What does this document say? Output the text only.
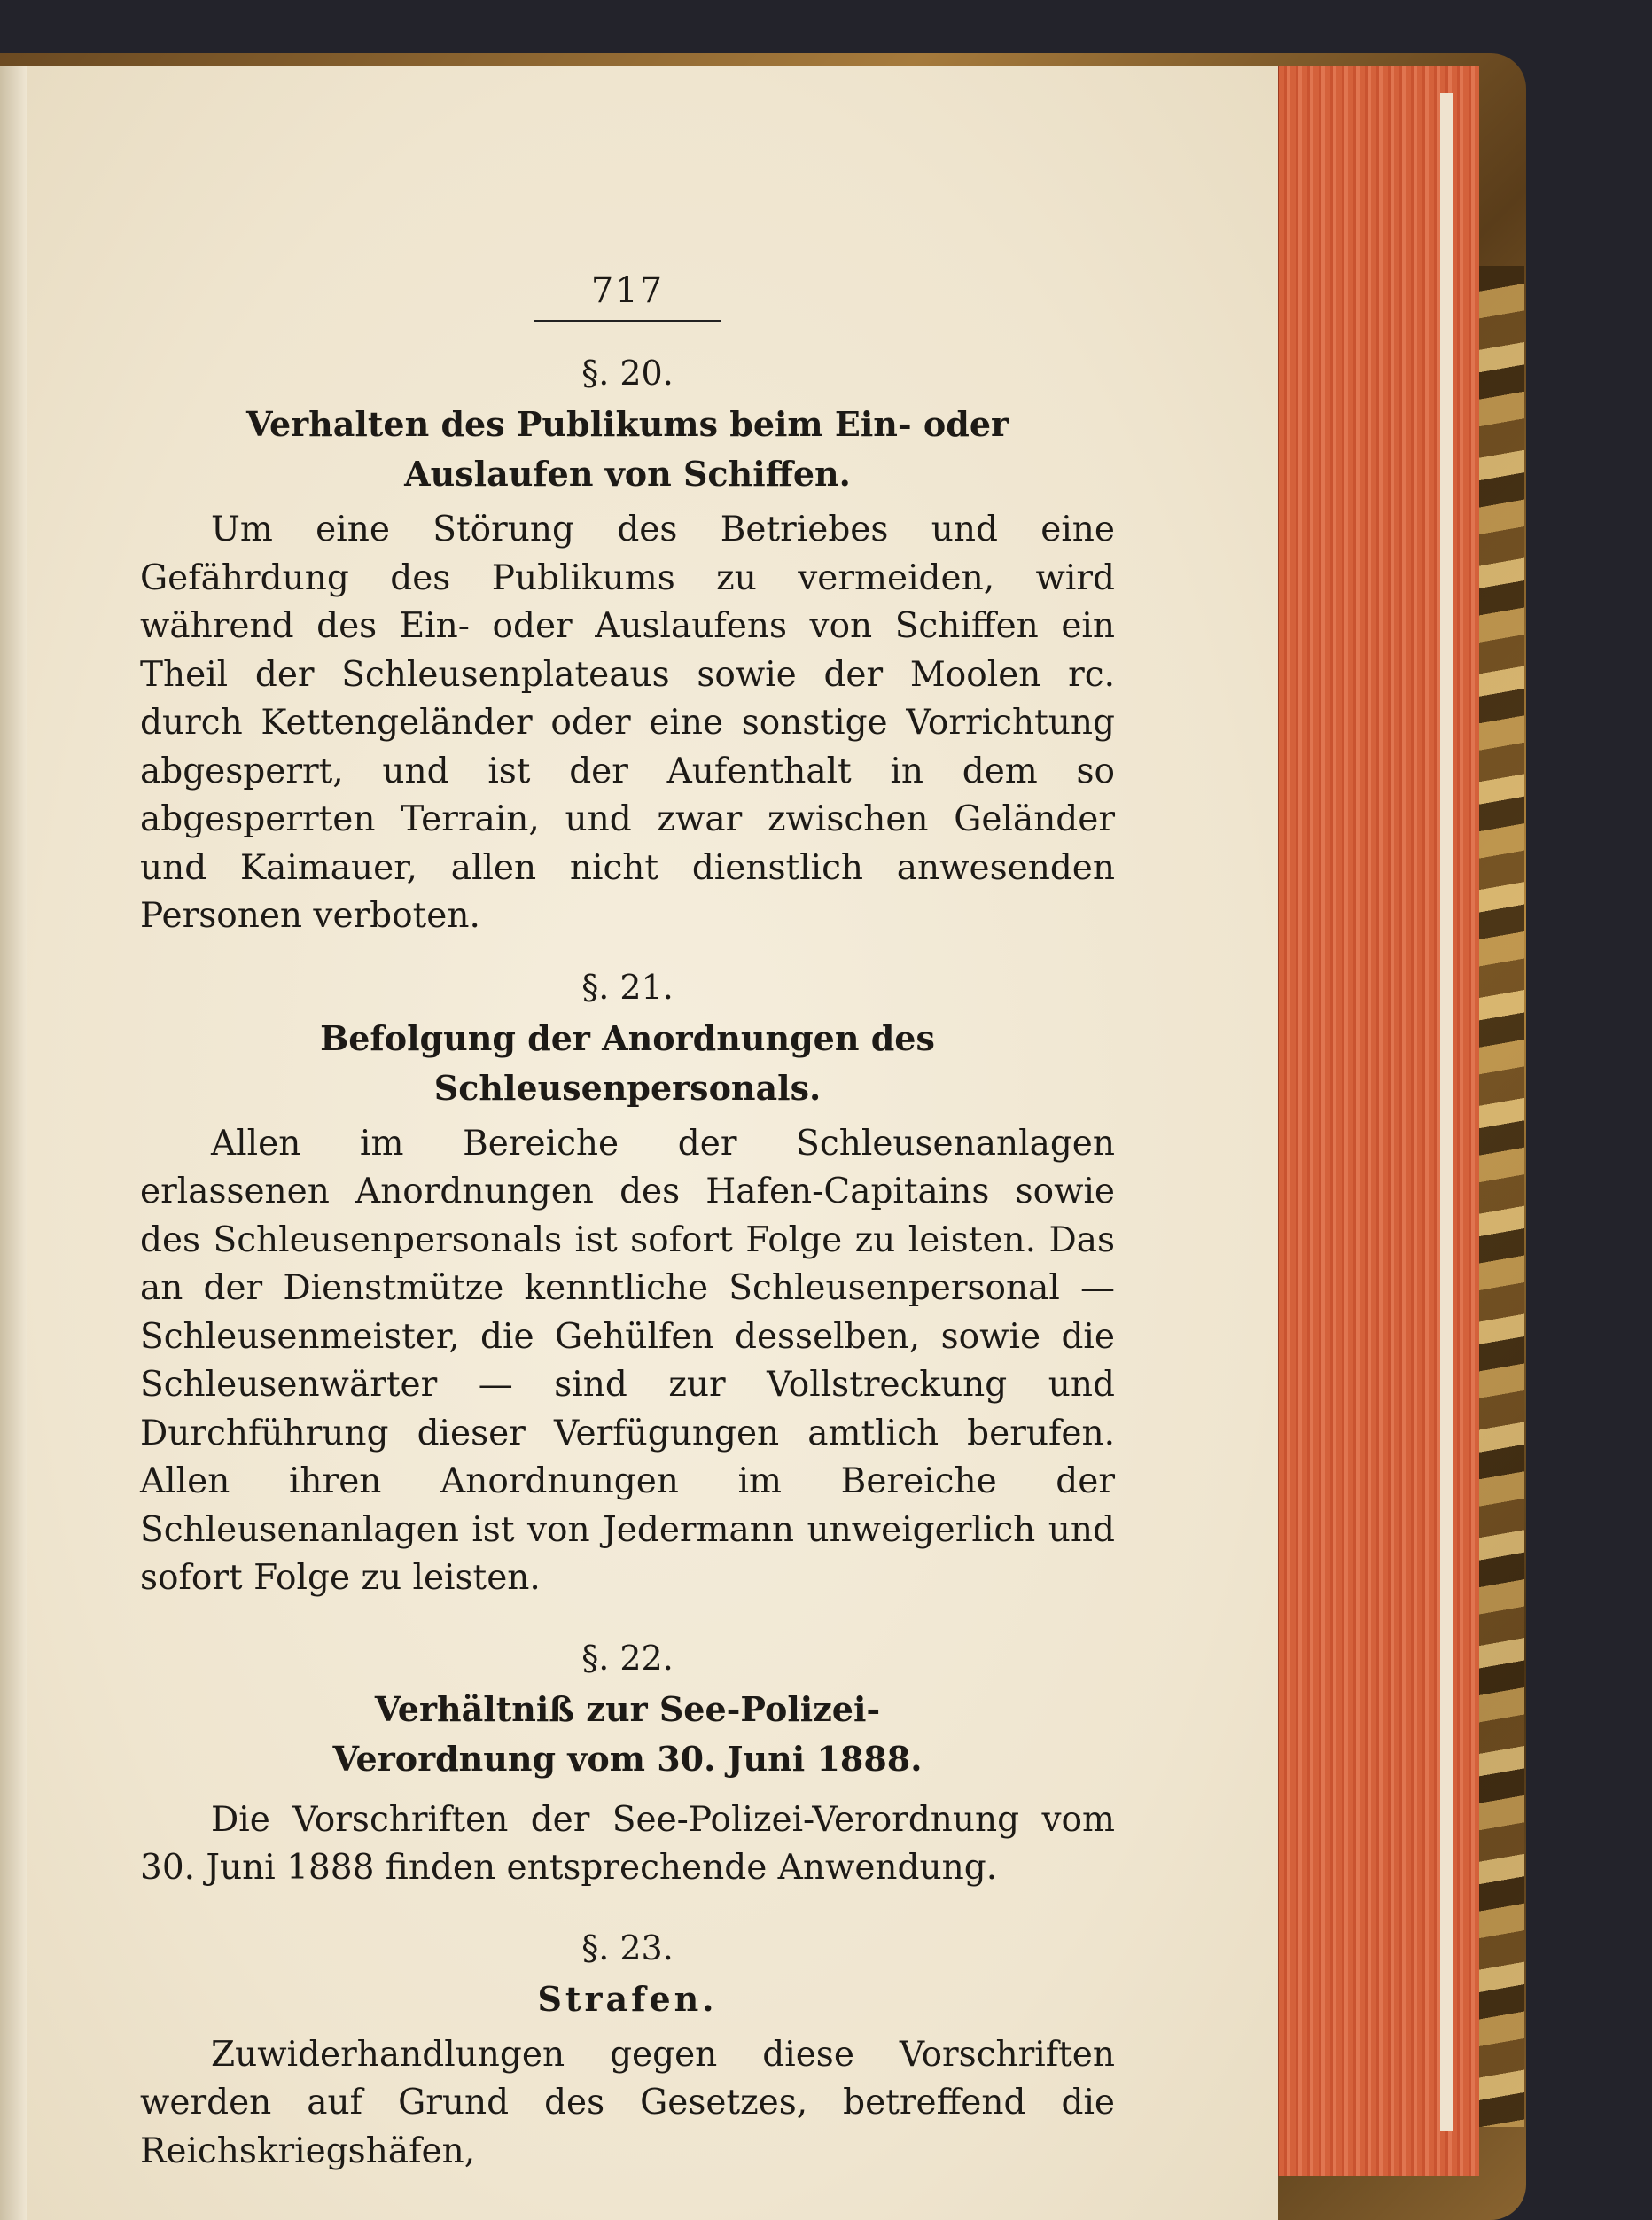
717
§. 20.
Verhalten des Publikums beim Ein- oder Auslaufen von Schiffen.
Um eine Störung des Betriebes und eine Gefährdung des Publikums zu vermeiden, wird während des Ein- oder Auslaufens von Schiffen ein Theil der Schleusenplateaus sowie der Moolen rc. durch Kettengeländer oder eine sonstige Vorrichtung abgesperrt, und ist der Aufenthalt in dem so abgesperrten Terrain, und zwar zwischen Geländer und Kaimauer, allen nicht dienstlich anwesenden Personen verboten.
§. 21.
Befolgung der Anordnungen des Schleusenpersonals.
Allen im Bereiche der Schleusenanlagen erlassenen Anordnungen des Hafen-Capitains sowie des Schleusenpersonals ist sofort Folge zu leisten. Das an der Dienstmütze kenntliche Schleusenpersonal — Schleusenmeister, die Gehülfen desselben, sowie die Schleusenwärter — sind zur Vollstreckung und Durchführung dieser Verfügungen amtlich berufen. Allen ihren Anordnungen im Bereiche der Schleusenanlagen ist von Jedermann unweigerlich und sofort Folge zu leisten.
§. 22.
Verhältniß zur See-Polizei-Verordnung vom 30. Juni 1888.
Die Vorschriften der See-Polizei-Verordnung vom 30. Juni 1888 finden entsprechende Anwendung.
§. 23.
Strafen.
Zuwiderhandlungen gegen diese Vorschriften werden auf Grund des Gesetzes, betreffend die Reichskriegshäfen,
